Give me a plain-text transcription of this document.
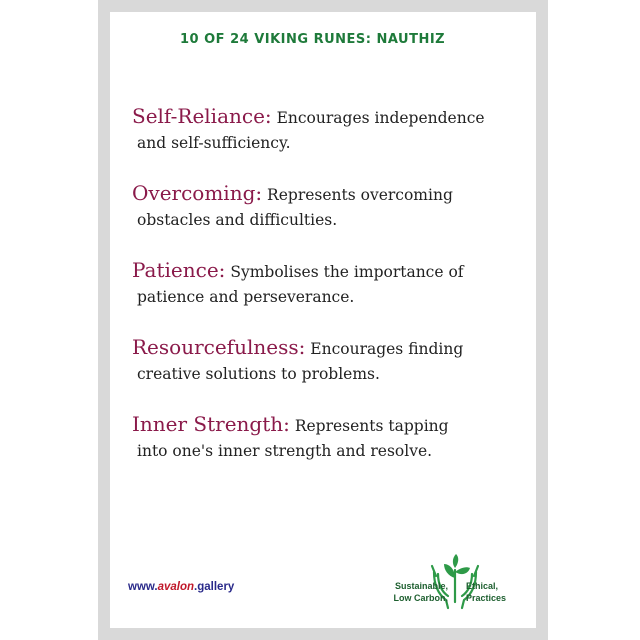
10 OF 24 VIKING RUNES: NAUTHIZ
Self-Reliance: Encourages independence
and self-sufficiency.
Overcoming: Represents overcoming
obstacles and difficulties.
Patience: Symbolises the importance of
patience and perseverance.
Resourcefulness: Encourages finding
creative solutions to problems.
Inner Strength: Represents tapping
into one's inner strength and resolve.
www.avalon.gallery	Sustainable,
Low Carbon,
Ethical,
Practices
